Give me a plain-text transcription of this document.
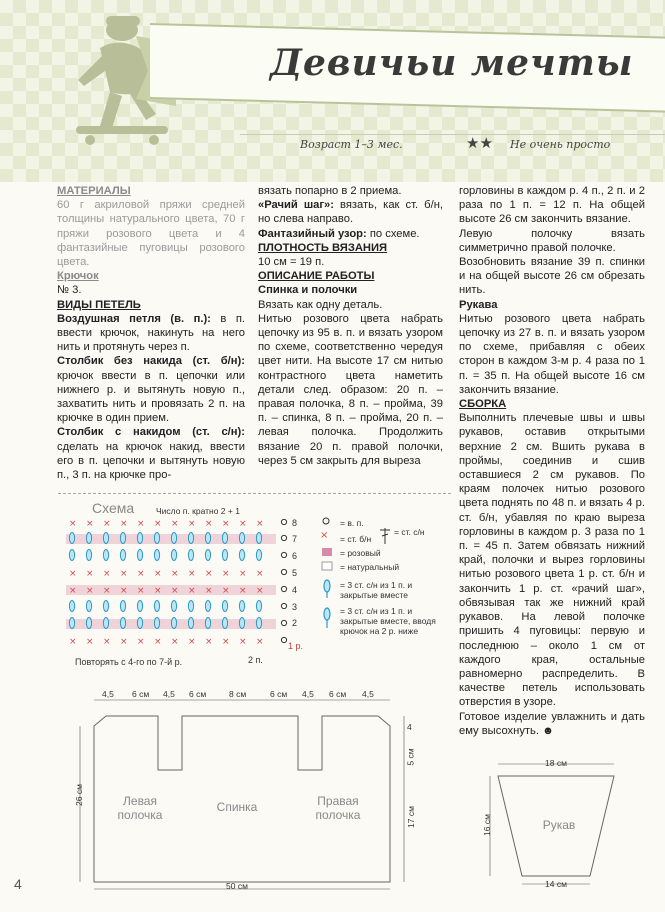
Девичьи мечты
Возраст 1–3 мес.	★★ Не очень просто

МАТЕРИАЛЫ

60 г акриловой пряжи средней толщины натурального цвета, 70 г пряжи розового цвета и 4 фантазийные пуговицы розового цвета.

Крючок

№ 3.

ВИДЫ ПЕТЕЛЬ

Воздушная петля (в. п.): в п. ввести крючок, накинуть на него нить и протянуть через п.

Столбик без накида (ст. б/н): крючок ввести в п. цепочки или нижнего р. и вытянуть новую п., захватить нить и провязать 2 п. на крючке в один прием.

Столбик с накидом (ст. с/н): сделать на крючок накид, ввести его в п. цепочки и вытянуть новую п., 3 п. на крючке про-

вязать попарно в 2 приема.

«Рачий шаг»: вязать, как ст. б/н, но слева направо.

Фантазийный узор: по схеме.

ПЛОТНОСТЬ ВЯЗАНИЯ

10 см = 19 п.

ОПИСАНИЕ РАБОТЫ

Спинка и полочки

Вязать как одну деталь.

Нитью розового цвета набрать цепочку из 95 в. п. и вязать узором по схеме, соответственно чередуя цвет нити. На высоте 17 см нитью контрастного цвета наметить детали след. образом: 20 п. – правая полочка, 8 п. – пройма, 39 п. – спинка, 8 п. – пройма, 20 п. – левая полочка. Продолжить вязание 20 п. правой полочки, через 5 см закрыть для выреза

горловины в каждом р. 4 п., 2 п. и 2 раза по 1 п. = 12 п. На общей высоте 26 см закончить вязание.

Левую полочку вязать симметрично правой полочке.

Возобновить вязание 39 п. спинки и на общей высоте 26 см обрезать нить.

Рукава

Нитью розового цвета набрать цепочку из 27 в. п. и вязать узором по схеме, прибавляя с обеих сторон в каждом 3-м р. 4 раза по 1 п. = 35 п. На общей высоте 16 см закончить вязание.

СБОРКА

Выполнить плечевые швы и швы рукавов, оставив открытыми верхние 2 см. Вшить рукава в проймы, соединив и сшив оставшиеся 2 см рукавов. По краям полочек нитью розового цвета поднять по 48 п. и вязать 4 р. ст. б/н, убавляя по краю выреза горловины в каждом р. 3 раза по 1 п. = 45 п. Затем обвязать нижний край, полочки и вырез горловины нитью розового цвета 1 р. ст. б/н и закончить 1 р. ст. «рачий шаг», обвязывая так же нижний край рукавов. На левой полочке пришить 4 пуговицы: первую и последнюю – около 1 см от каждого края, остальные равномерно распределить. В качестве петель использовать отверстия в узоре.

Готовое изделие увлажнить и дать ему высохнуть. ☻

Схема	Число п. кратно 2 + 1
× × × × × × × × × × × ×
× × × × × × × × × × × ×
× × × × × × × × × × × ×
× × × × × × × × × × × ×
8
7
6
5
4
3
2
1 р.
2 п.
Повторять с 4-го по 7-й р.
×
= в. п.
= ст. б/н
= ст. с/н
= розовый
= натуральный
= 3 ст. с/н из 1 п. и закрытые вместе
= 3 ст. с/н из 1 п. и закрытые вместе, вводя крючок на 2 р. ниже
4,5 6 см 4,5 6 см	8 см	6 см 4,5 6 см 4,5
26 см
17 см
5 см
4
50 см
Левая полочка
Спинка	Правая полочка
18 см
14 см
16 см	Рукав
4
